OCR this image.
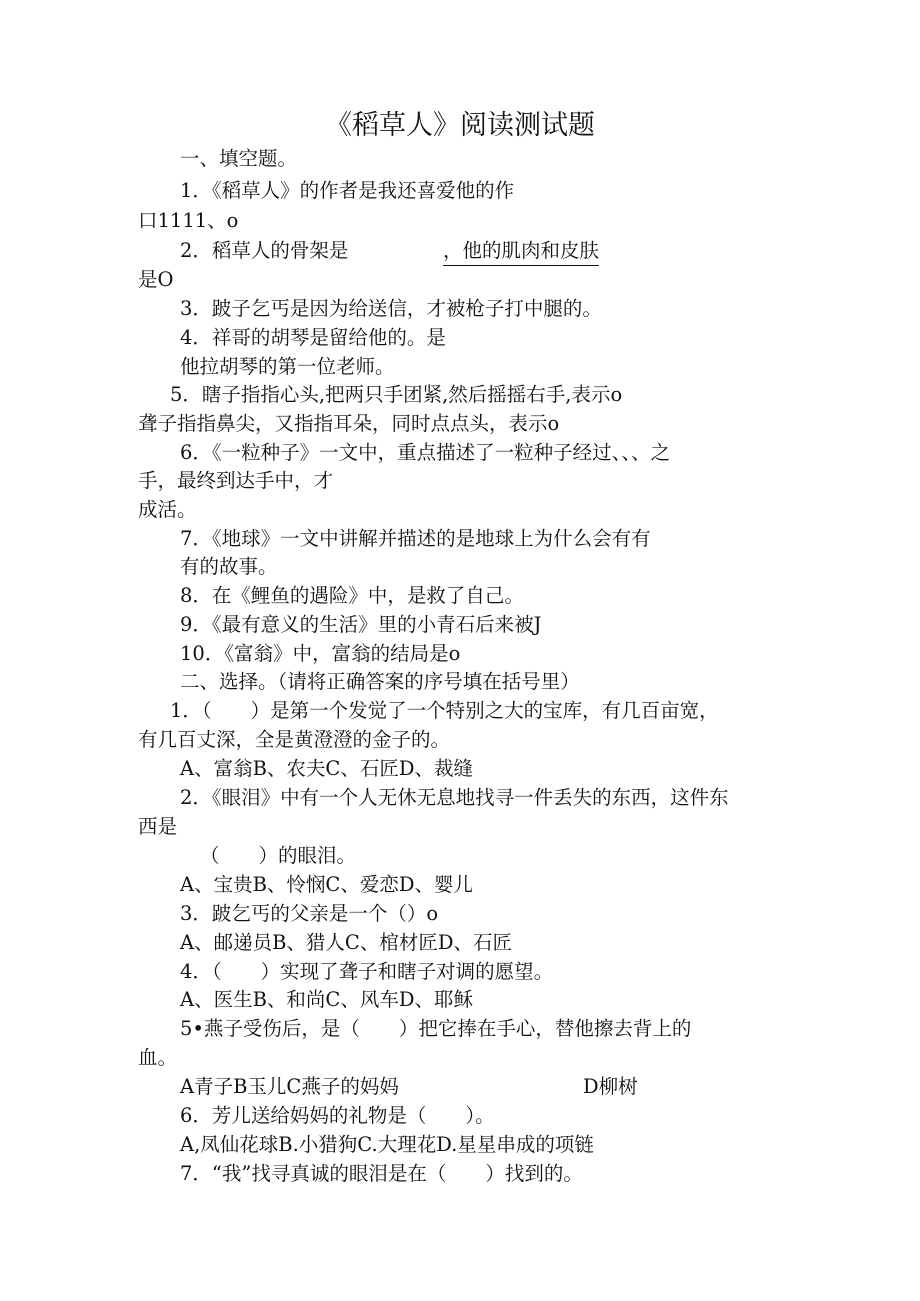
《稻草人》阅读测试题
一、填空题。
1．《稻草人》的作者是我还喜爱他的作
口1111、o
2．稻草人的骨架是	，他的肌肉和皮肤
是O
3．跛子乞丐是因为给送信，才被枪子打中腿的。
4．祥哥的胡琴是留给他的。是
他拉胡琴的第一位老师。
5．瞎子指指心头,把两只手团紧,然后摇摇右手,表示o
聋子指指鼻尖，又指指耳朵，同时点点头，表示o
6．《一粒种子》一文中，重点描述了一粒种子经过、、、之
手，最终到达手中，才
成活。
7．《地球》一文中讲解并描述的是地球上为什么会有有
有的故事。
8．在《鲤鱼的遇险》中，是救了自己。
9．《最有意义的生活》里的小青石后来被J
10．《富翁》中，富翁的结局是o
二、选择。（请将正确答案的序号填在括号里）
1．（　　）是第一个发觉了一个特别之大的宝库，有几百亩宽，
有几百丈深，全是黄澄澄的金子的。
A、富翁B、农夫C、石匠D、裁缝
2．《眼泪》中有一个人无休无息地找寻一件丢失的东西，这件东
西是
（　　）的眼泪。
A、宝贵B、怜悯C、爱恋D、婴儿
3．跛乞丐的父亲是一个（）o
A、邮递员B、猎人C、棺材匠D、石匠
4．（　　）实现了聋子和瞎子对调的愿望。
A、医生B、和尚C、风车D、耶稣
5•燕子受伤后，是（　　）把它捧在手心，替他擦去背上的
血。
A青子B玉儿C燕子的妈妈	D柳树
6．芳儿送给妈妈的礼物是（　　）。
A,凤仙花球B.小猎狗C.大理花D.星星串成的项链
7．“我”找寻真诚的眼泪是在（　　）找到的。
